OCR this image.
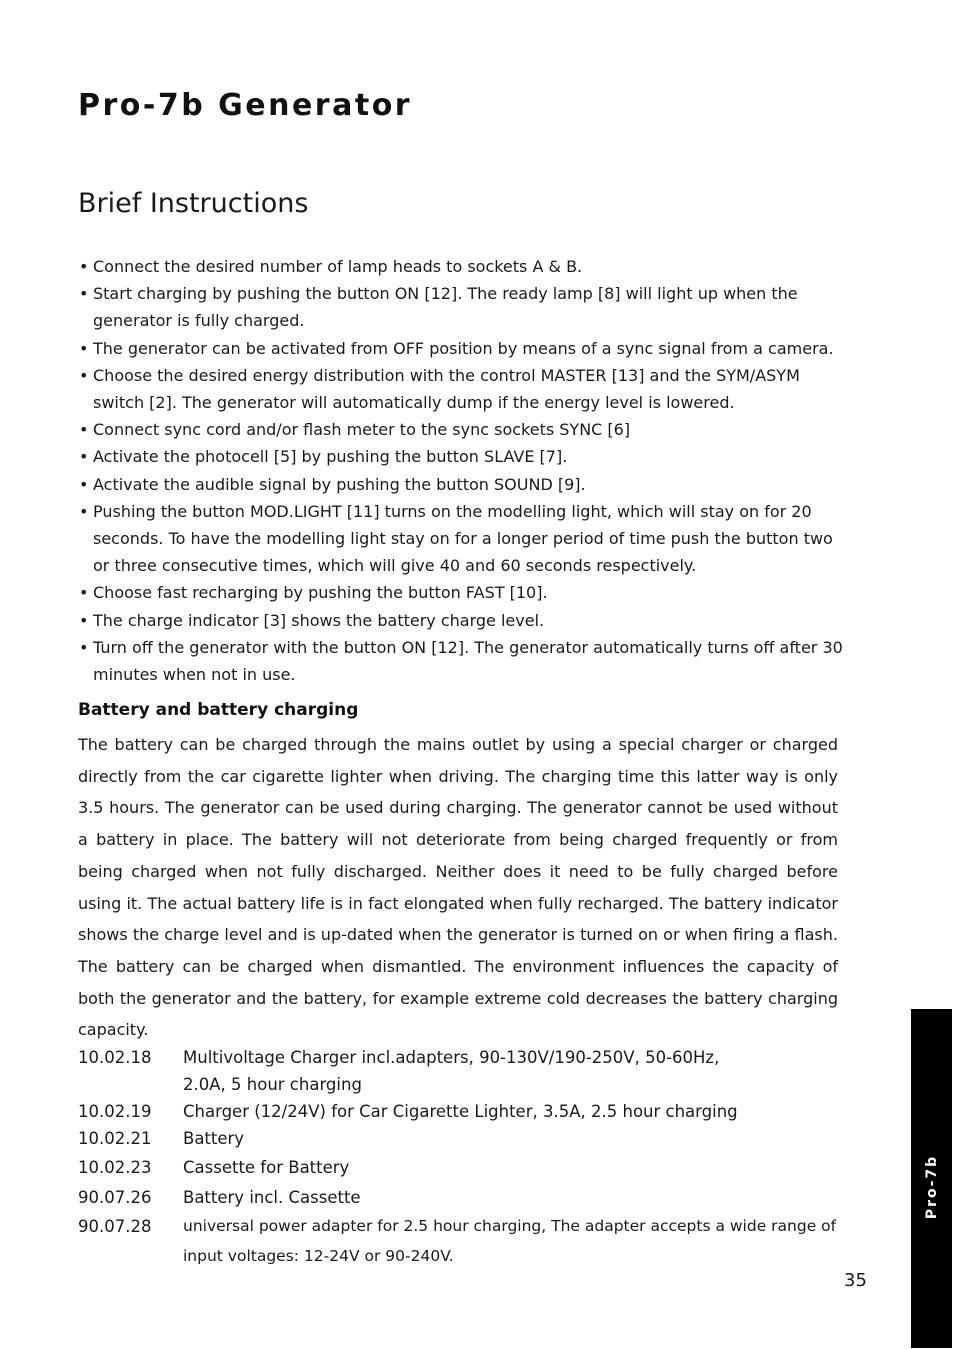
Pro-7b Generator
Brief Instructions
• Connect the desired number of lamp heads to sockets A & B.
• Start charging by pushing the button ON [12]. The ready lamp [8] will light up when the generator is fully charged.
• The generator can be activated from OFF position by means of a sync signal from a camera.
• Choose the desired energy distribution with the control MASTER [13] and the SYM/ASYM switch [2]. The generator will automatically dump if the energy level is lowered.
• Connect sync cord and/or flash meter to the sync sockets SYNC [6]
• Activate the photocell [5] by pushing the button SLAVE [7].
• Activate the audible signal by pushing the button SOUND [9].
• Pushing the button MOD.LIGHT [11] turns on the modelling light, which will stay on for 20 seconds. To have the modelling light stay on for a longer period of time push the button two or three consecutive times, which will give 40 and 60 seconds respectively.
• Choose fast recharging by pushing the button FAST [10].
• The charge indicator [3] shows the battery charge level.
• Turn off the generator with the button ON [12]. The generator automatically turns off after 30 minutes when not in use.
Battery and battery charging

The battery can be charged through the mains outlet by using a special charger or charged directly from the car cigarette lighter when driving. The charging time this latter way is only 3.5 hours. The generator can be used during charging. The generator cannot be used without a battery in place. The battery will not deteriorate from being charged frequently or from being charged when not fully discharged. Neither does it need to be fully charged before using it. The actual battery life is in fact elongated when fully recharged. The battery indicator shows the charge level and is up-dated when the generator is turned on or when firing a flash. The battery can be charged when dismantled. The environment influences the capacity of both the generator and the battery, for example extreme cold decreases the battery charging capacity.

10.02.18	Multivoltage Charger incl.adapters, 90-130V/190-250V, 50-60Hz, 2.0A, 5 hour charging
10.02.19	Charger (12/24V) for Car Cigarette Lighter, 3.5A, 2.5 hour charging
10.02.21	Battery
10.02.23	Cassette for Battery
90.07.26	Battery incl. Cassette
90.07.28	universal power adapter for 2.5 hour charging, The adapter accepts a wide range of input voltages: 12-24V or 90-240V.
35
Pro-7b
